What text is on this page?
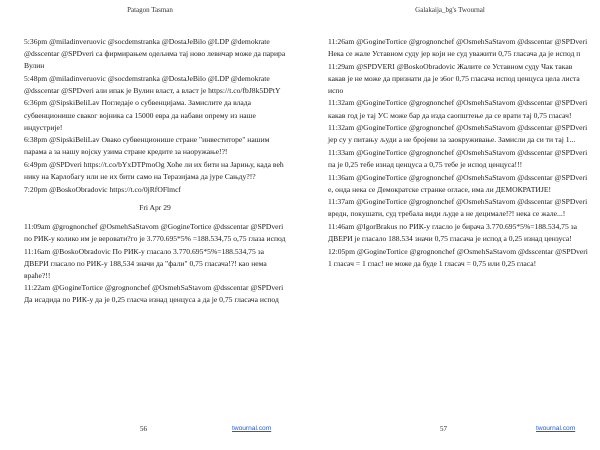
Patagon Tasman

5:36pm @miladinveruovic @socdemstranka @DostaJeBilo @LDP @demokrate @dsscentar @SPDveri са фирмирањем одељима тај ново левичар може да парира Вулин

5:48pm @miladinveruovic @socdemstranka @DostaJeBilo @LDP @demokrate @dsscentar @SPDveri али ипак је Вулин власт, а власт је https://t.co/fbJ8k5DPtY

6:36pm @SipskiBeliLav Погледаје о субвенцијама. Замислите да влада субвенционише сваког војника са 15000 евра да набави опрему из наше индустрије!

6:38pm @SipskiBeliLav Овако субвенционише стране "инвеститоре" нашим парама а за нашу војску узима стране кредите за наоружање!?!

6:49pm @SPDveri https://t.co/bYxDTPmoOg Хоће ли их бити на Јарињу, када већ нику на Карлобагу или не их бити само на Теразијама да јуре Сањду?!?

7:20pm @BoskoObradovic https://t.co/0jRfOFlmcf

Fri Apr 29

11:09am @grognonchef @OsmehSaStavom @GogineTortice @dsscentar @SPDveri по РИК-у колико им је веровати?го је 3.770.695*5% =188.534,75 о,75 глаза испод

11:16am @BoskoObradovic По РИК-у гласало 3.770.695*5%=188.534,75 за ДВЕРИ гласало по РИК-у 188,534 значи да "фали" 0,75 гласача!?! као нема враће?!!

11:22am @GogineTortice @grognonchef @OsmehSaStavom @dsscentar @SPDveri Да исадида по РИК-у да је 0,25 гласча изнад ценцуса а да је 0,75 гласача испод

56	twournal.com
Galakaija_bg's Twournal

11:26am @GogineTortice @grognonchef @OsmehSaStavom @dsscentar @SPDveri Нека се жале Уставном суду јер који не суд уважити 0,75 гласача да је испод п

11:29am @SPDVERI @BoskoObradovic Жалите се Уставном суду Чак такав какав је не може да признати да је з6ог 0,75 гласача испод ценцуса цела листа испо

11:32am @GogineTortice @grognonchef @OsmehSaStavom @dsscentar @SPDveri какав год је тај УС може бар да изда саопштење да се врати тај 0,75 гласач!

11:32am @GogineTortice @grognonchef @OsmehSaStavom @dsscentar @SPDveri јер су у питању људи а не бројеви за заокруживање. Замисли да си ти тај 1...

11:33am @GogineTortice @grognonchef @OsmehSaStavom @dsscentar @SPDveri па је 0,25 тебе изнад ценцуса а 0,75 тебе је испод ценцуса!!!

11:36am @GogineTortice @grognonchef @OsmehSaStavom @dsscentar @SPDveri е, онда нека се Демократске странке огласе, има ли ДЕМОКРАТИЈЕ!

11:37am @GogineTortice @grognonchef @OsmehSaStavom @dsscentar @SPDveri вредн, покушати, суд требала види људе а не децимале!?! нека се жале...!

11:46am @IgorBrakus по РИК-у гласло је бирача 3.770.695*5%=188.534,75 за ДВЕРИ је гласало 188.534 значи 0,75 гласача је испод а 0,25 изнад цензуса!

12:05pm @GogineTortice @grognonchef @OsmehSaStavom @dsscentar @SPDveri 1 гласач = 1 глас! не може да буде 1 гласач = 0,75 или 0,25 гласа!

57	twournal.com
